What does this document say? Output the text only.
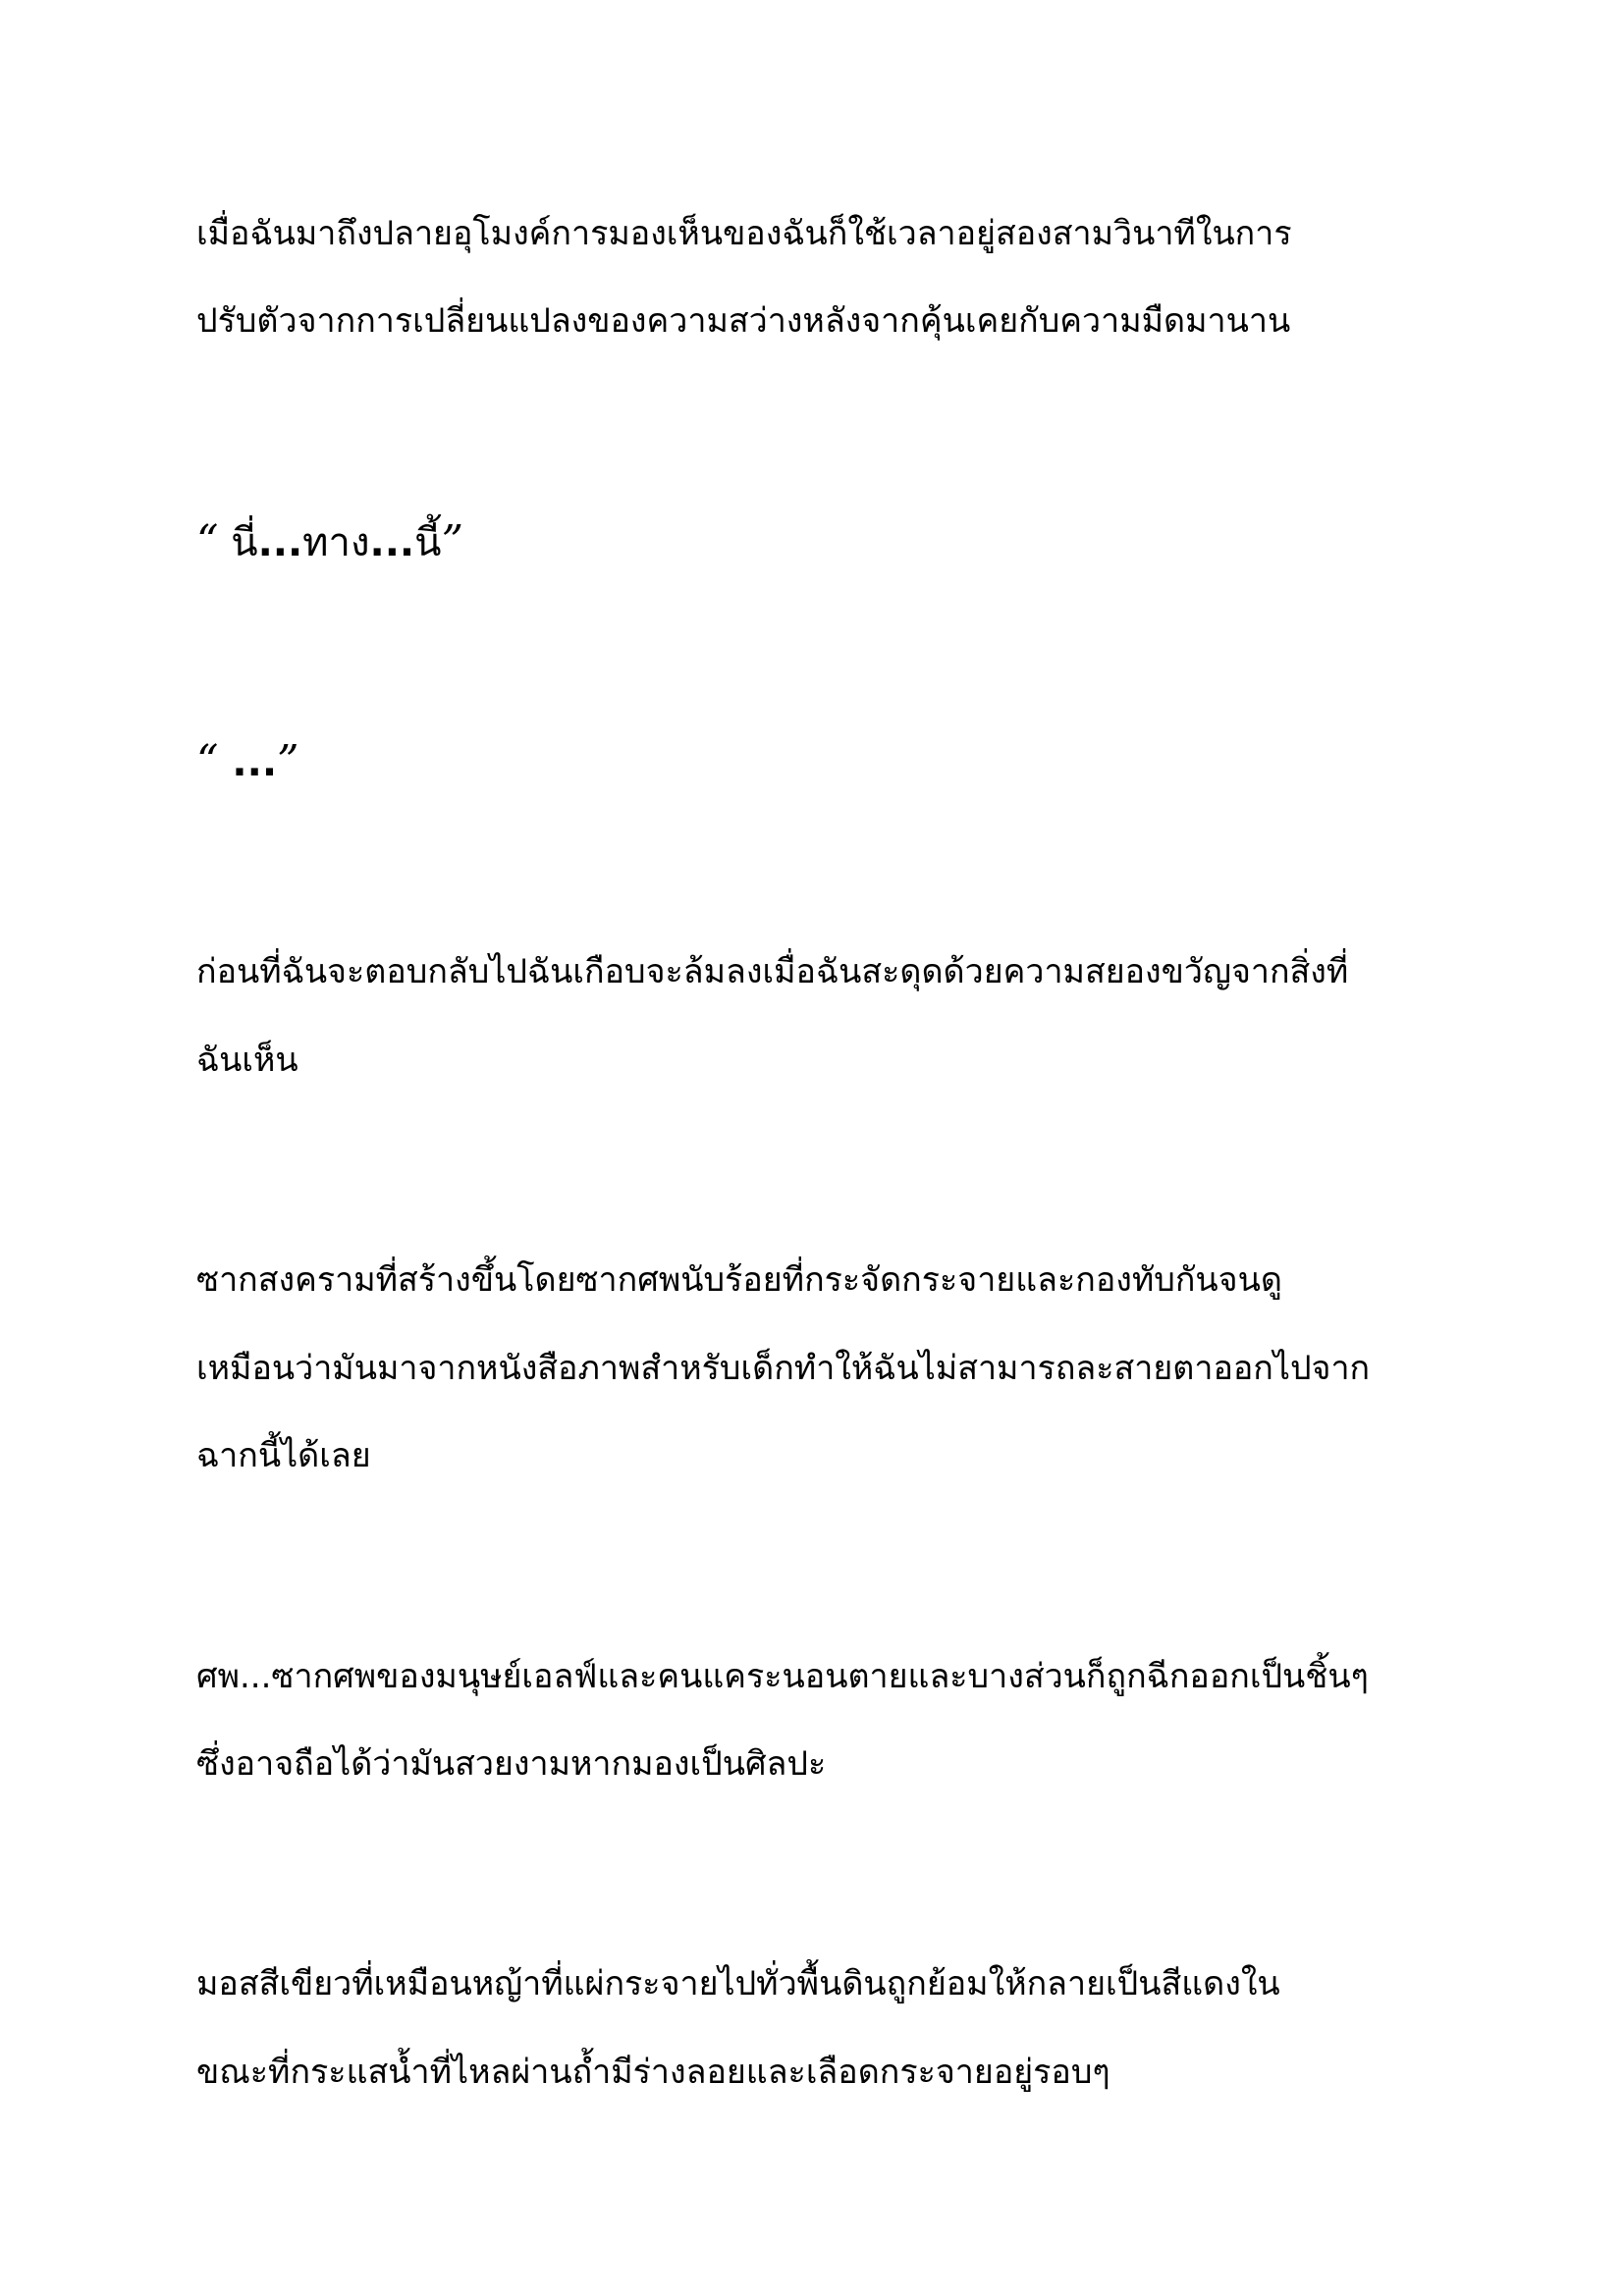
เมื่อฉันมาถึงปลายอุโมงค์การมองเห็นของฉันก็ใช้เวลาอยู่สองสามวินาทีในการ

ปรับตัวจากการเปลี่ยนแปลงของความสว่างหลังจากคุ้นเคยกับความมืดมานาน

“ นี่...ทาง...นี้”

“ ...”

ก่อนที่ฉันจะตอบกลับไปฉันเกือบจะล้มลงเมื่อฉันสะดุดด้วยความสยองขวัญจากสิ่งที่

ฉันเห็น

ซากสงครามที่สร้างขึ้นโดยซากศพนับร้อยที่กระจัดกระจายและกองทับกันจนดู

เหมือนว่ามันมาจากหนังสือภาพสำหรับเด็กทำให้ฉันไม่สามารถละสายตาออกไปจาก

ฉากนี้ได้เลย

ศพ...ซากศพของมนุษย์เอลฟ์และคนแคระนอนตายและบางส่วนก็ถูกฉีกออกเป็นชิ้นๆ

ซึ่งอาจถือได้ว่ามันสวยงามหากมองเป็นศิลปะ

มอสสีเขียวที่เหมือนหญ้าที่แผ่กระจายไปทั่วพื้นดินถูกย้อมให้กลายเป็นสีแดงใน

ขณะที่กระแสน้ำที่ไหลผ่านถ้ำมีร่างลอยและเลือดกระจายอยู่รอบๆ
